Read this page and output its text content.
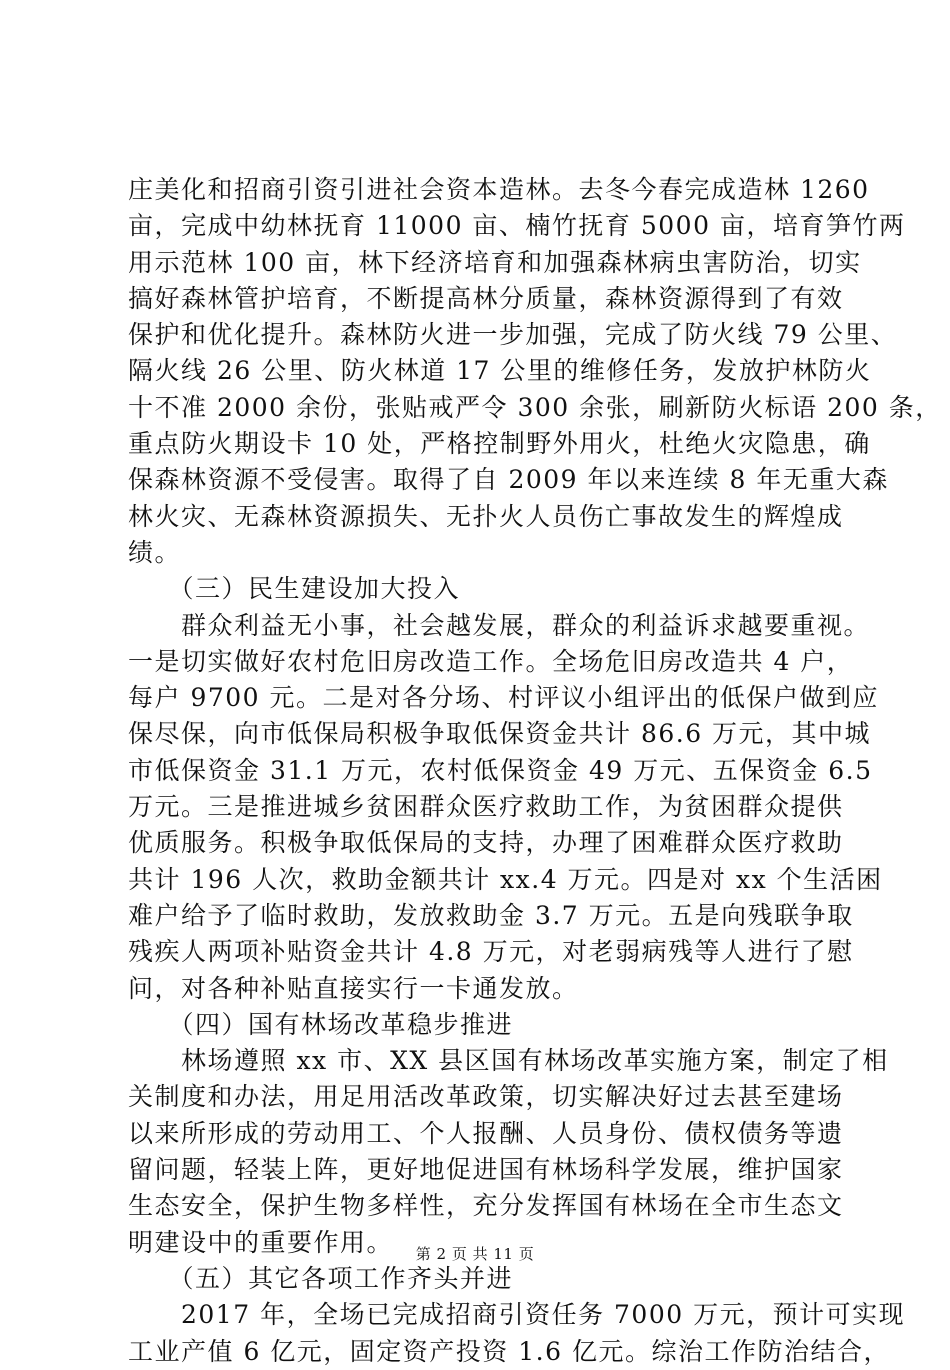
庄美化和招商引资引进社会资本造林。去冬今春完成造林 1260
亩，完成中幼林抚育 11000 亩、楠竹抚育 5000 亩，培育笋竹两
用示范林 100 亩，林下经济培育和加强森林病虫害防治，切实
搞好森林管护培育，不断提高林分质量，森林资源得到了有效
保护和优化提升。森林防火进一步加强，完成了防火线 79 公里、
隔火线 26 公里、防火林道 17 公里的维修任务，发放护林防火
十不准 2000 余份，张贴戒严令 300 余张，刷新防火标语 200 条，
重点防火期设卡 10 处，严格控制野外用火，杜绝火灾隐患，确
保森林资源不受侵害。取得了自 2009 年以来连续 8 年无重大森
林火灾、无森林资源损失、无扑火人员伤亡事故发生的辉煌成
绩。
　　（三）民生建设加大投入
　　群众利益无小事，社会越发展，群众的利益诉求越要重视。
一是切实做好农村危旧房改造工作。全场危旧房改造共 4 户，
每户 9700 元。二是对各分场、村评议小组评出的低保户做到应
保尽保，向市低保局积极争取低保资金共计 86.6 万元，其中城
市低保资金 31.1 万元，农村低保资金 49 万元、五保资金 6.5
万元。三是推进城乡贫困群众医疗救助工作，为贫困群众提供
优质服务。积极争取低保局的支持，办理了困难群众医疗救助
共计 196 人次，救助金额共计 xx.4 万元。四是对 xx 个生活困
难户给予了临时救助，发放救助金 3.7 万元。五是向残联争取
残疾人两项补贴资金共计 4.8 万元，对老弱病残等人进行了慰
问，对各种补贴直接实行一卡通发放。
　　（四）国有林场改革稳步推进
　　林场遵照 xx 市、XX 县区国有林场改革实施方案，制定了相
关制度和办法，用足用活改革政策，切实解决好过去甚至建场
以来所形成的劳动用工、个人报酬、人员身份、债权债务等遗
留问题，轻装上阵，更好地促进国有林场科学发展，维护国家
生态安全，保护生物多样性，充分发挥国有林场在全市生态文
明建设中的重要作用。
　　（五）其它各项工作齐头并进
　　2017 年，全场已完成招商引资任务 7000 万元，预计可实现
工业产值 6 亿元，固定资产投资 1.6 亿元。综治工作防治结合，
第 2 页 共 11 页
